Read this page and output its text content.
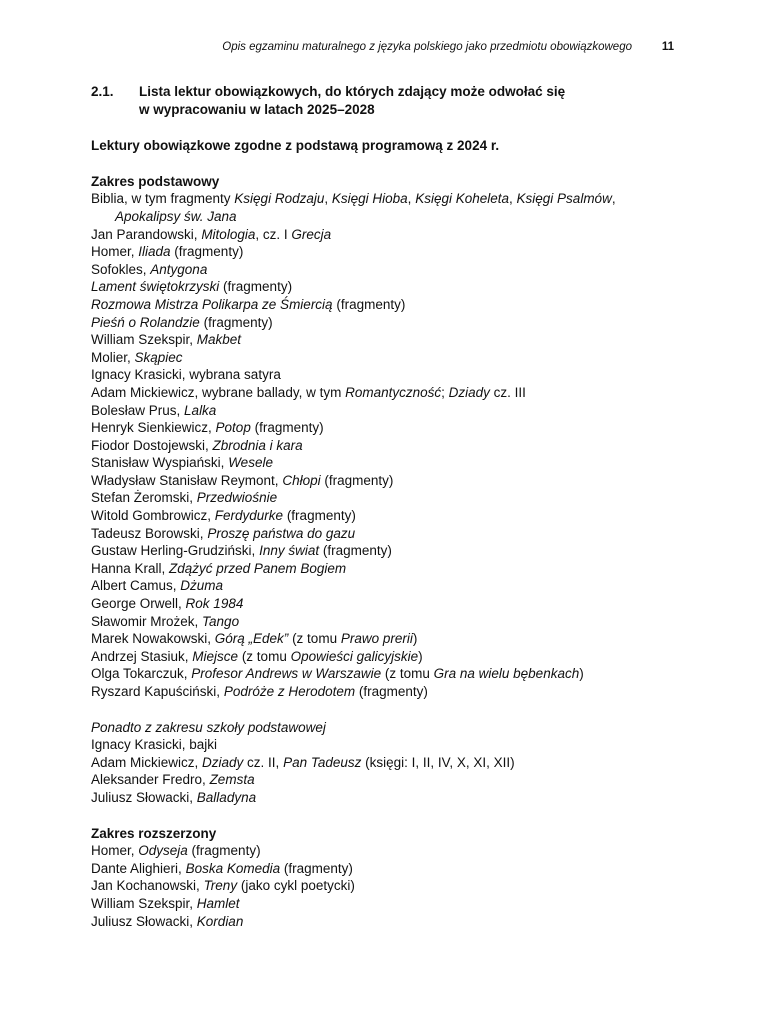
Opis egzaminu maturalnego z języka polskiego jako przedmiotu obowiązkowego	11
2.1. Lista lektur obowiązkowych, do których zdający może odwołać się
w wypracowaniu w latach 2025–2028
Lektury obowiązkowe zgodne z podstawą programową z 2024 r.
Zakres podstawowy
Biblia, w tym fragmenty Księgi Rodzaju, Księgi Hioba, Księgi Koheleta, Księgi Psalmów,
Apokalipsy św. Jana
Jan Parandowski, Mitologia, cz. I Grecja
Homer, Iliada (fragmenty)
Sofokles, Antygona
Lament świętokrzyski (fragmenty)
Rozmowa Mistrza Polikarpa ze Śmiercią (fragmenty)
Pieśń o Rolandzie (fragmenty)
William Szekspir, Makbet
Molier, Skąpiec
Ignacy Krasicki, wybrana satyra
Adam Mickiewicz, wybrane ballady, w tym Romantyczność; Dziady cz. III
Bolesław Prus, Lalka
Henryk Sienkiewicz, Potop (fragmenty)
Fiodor Dostojewski, Zbrodnia i kara
Stanisław Wyspiański, Wesele
Władysław Stanisław Reymont, Chłopi (fragmenty)
Stefan Żeromski, Przedwiośnie
Witold Gombrowicz, Ferdydurke (fragmenty)
Tadeusz Borowski, Proszę państwa do gazu
Gustaw Herling-Grudziński, Inny świat (fragmenty)
Hanna Krall, Zdążyć przed Panem Bogiem
Albert Camus, Dżuma
George Orwell, Rok 1984
Sławomir Mrożek, Tango
Marek Nowakowski, Górą „Edek” (z tomu Prawo prerii)
Andrzej Stasiuk, Miejsce (z tomu Opowieści galicyjskie)
Olga Tokarczuk, Profesor Andrews w Warszawie (z tomu Gra na wielu bębenkach)
Ryszard Kapuściński, Podróże z Herodotem (fragmenty)
Ponadto z zakresu szkoły podstawowej
Ignacy Krasicki, bajki
Adam Mickiewicz, Dziady cz. II, Pan Tadeusz (księgi: I, II, IV, X, XI, XII)
Aleksander Fredro, Zemsta
Juliusz Słowacki, Balladyna
Zakres rozszerzony
Homer, Odyseja (fragmenty)
Dante Alighieri, Boska Komedia (fragmenty)
Jan Kochanowski, Treny (jako cykl poetycki)
William Szekspir, Hamlet
Juliusz Słowacki, Kordian
